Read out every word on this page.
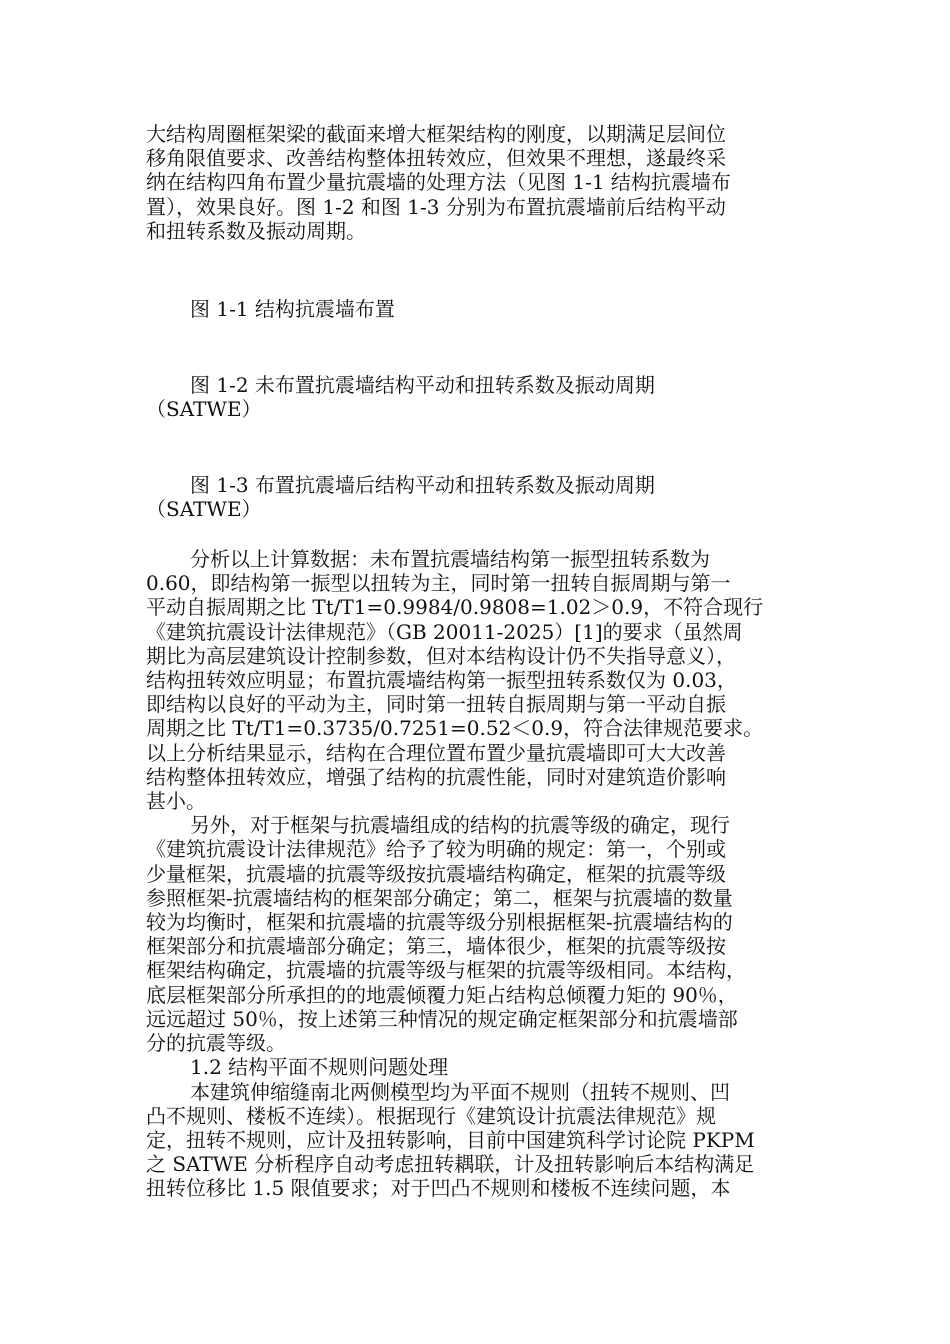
大结构周圈框架梁的截面来增大框架结构的刚度，以期满足层间位
移角限值要求、改善结构整体扭转效应，但效果不理想，遂最终采
纳在结构四角布置少量抗震墙的处理方法（见图 1-1 结构抗震墙布
置），效果良好。图 1-2 和图 1-3 分别为布置抗震墙前后结构平动
和扭转系数及振动周期。

图 1-1 结构抗震墙布置

图 1-2 未布置抗震墙结构平动和扭转系数及振动周期
（SATWE）

图 1-3 布置抗震墙后结构平动和扭转系数及振动周期
（SATWE）

分析以上计算数据：未布置抗震墙结构第一振型扭转系数为
0.60，即结构第一振型以扭转为主，同时第一扭转自振周期与第一
平动自振周期之比 Tt/T1=0.9984/0.9808=1.02＞0.9，不符合现行
《建筑抗震设计法律规范》（GB 20011-2025）[1]的要求（虽然周
期比为高层建筑设计控制参数，但对本结构设计仍不失指导意义），
结构扭转效应明显；布置抗震墙结构第一振型扭转系数仅为 0.03，
即结构以良好的平动为主，同时第一扭转自振周期与第一平动自振
周期之比 Tt/T1=0.3735/0.7251=0.52＜0.9，符合法律规范要求。
以上分析结果显示，结构在合理位置布置少量抗震墙即可大大改善
结构整体扭转效应，增强了结构的抗震性能，同时对建筑造价影响
甚小。

另外，对于框架与抗震墙组成的结构的抗震等级的确定，现行
《建筑抗震设计法律规范》给予了较为明确的规定：第一，个别或
少量框架，抗震墙的抗震等级按抗震墙结构确定，框架的抗震等级
参照框架-抗震墙结构的框架部分确定；第二，框架与抗震墙的数量
较为均衡时，框架和抗震墙的抗震等级分别根据框架-抗震墙结构的
框架部分和抗震墙部分确定；第三，墙体很少，框架的抗震等级按
框架结构确定，抗震墙的抗震等级与框架的抗震等级相同。本结构，
底层框架部分所承担的的地震倾覆力矩占结构总倾覆力矩的 90％，
远远超过 50％，按上述第三种情况的规定确定框架部分和抗震墙部
分的抗震等级。

1.2 结构平面不规则问题处理

本建筑伸缩缝南北两侧模型均为平面不规则（扭转不规则、凹
凸不规则、楼板不连续）。根据现行《建筑设计抗震法律规范》规
定，扭转不规则，应计及扭转影响，目前中国建筑科学讨论院 PKPM
之 SATWE 分析程序自动考虑扭转耦联，计及扭转影响后本结构满足
扭转位移比 1.5 限值要求；对于凹凸不规则和楼板不连续问题，本
